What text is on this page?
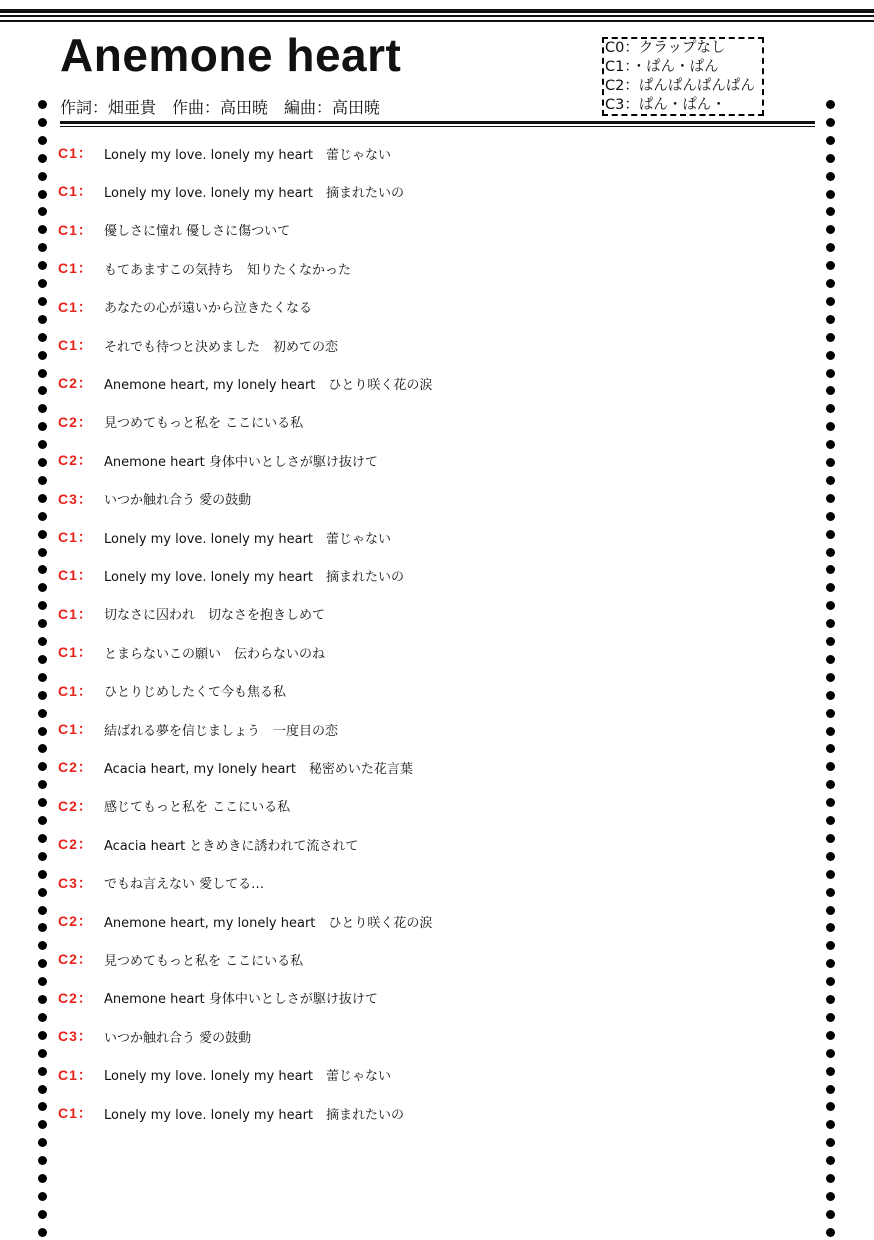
Anemone heart	C0：クラップなし
C1：・ぱん・ぱん
C2：ぱんぱんぱんぱん
C3：ぱん・ぱん・
作詞：畑亜貴　作曲：高田暁　編曲：高田暁
C1： Lonely my love. lonely my heart　蕾じゃない
C1： Lonely my love. lonely my heart　摘まれたいの
C1： 優しさに憧れ 優しさに傷ついて
C1： もてあますこの気持ち　知りたくなかった
C1： あなたの心が遠いから泣きたくなる
C1： それでも待つと決めました　初めての恋
C2： Anemone heart, my lonely heart　ひとり咲く花の涙
C2： 見つめてもっと私を ここにいる私
C2： Anemone heart 身体中いとしさが駆け抜けて
C3： いつか触れ合う 愛の鼓動
C1： Lonely my love. lonely my heart　蕾じゃない
C1： Lonely my love. lonely my heart　摘まれたいの
C1： 切なさに囚われ　切なさを抱きしめて
C1： とまらないこの願い　伝わらないのね
C1： ひとりじめしたくて今も焦る私
C1： 結ばれる夢を信じましょう　一度目の恋
C2： Acacia heart, my lonely heart　秘密めいた花言葉
C2： 感じてもっと私を ここにいる私
C2： Acacia heart ときめきに誘われて流されて
C3： でもね言えない 愛してる…
C2： Anemone heart, my lonely heart　ひとり咲く花の涙
C2： 見つめてもっと私を ここにいる私
C2： Anemone heart 身体中いとしさが駆け抜けて
C3： いつか触れ合う 愛の鼓動
C1： Lonely my love. lonely my heart　蕾じゃない
C1： Lonely my love. lonely my heart　摘まれたいの
